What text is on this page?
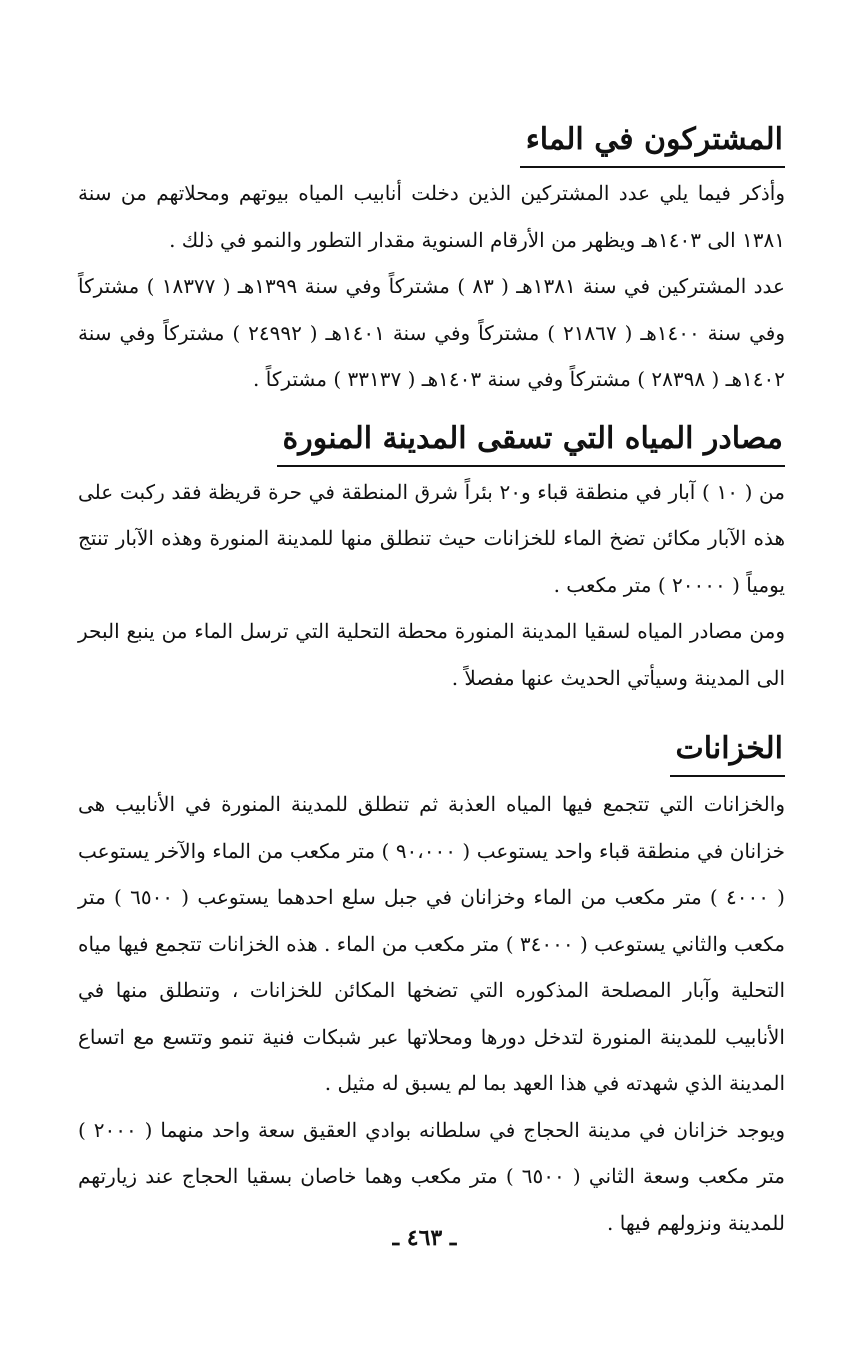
المشتركون في الماء

وأذكر فيما يلي عدد المشتركين الذين دخلت أنابيب المياه بيوتهم ومحلاتهم من سنة ١٣٨١ الى ١٤٠٣هـ ويظهر من الأرقام السنوية مقدار التطور والنمو في ذلك .

عدد المشتركين في سنة ١٣٨١هـ ( ٨٣ ) مشتركاً وفي سنة ١٣٩٩هـ ( ١٨٣٧٧ ) مشتركاً وفي سنة ١٤٠٠هـ ( ٢١٨٦٧ ) مشتركاً وفي سنة ١٤٠١هـ ( ٢٤٩٩٢ ) مشتركاً وفي سنة ١٤٠٢هـ ( ٢٨٣٩٨ ) مشتركاً وفي سنة ١٤٠٣هـ ( ٣٣١٣٧ ) مشتركاً .

مصادر المياه التي تسقى المدينة المنورة

من ( ١٠ ) آبار في منطقة قباء و٢٠ بئراً شرق المنطقة في حرة قريظة فقد ركبت على هذه الآبار مكائن تضخ الماء للخزانات حيث تنطلق منها للمدينة المنورة وهذه الآبار تنتج يومياً ( ٢٠٠٠٠ ) متر مكعب .

ومن مصادر المياه لسقيا المدينة المنورة محطة التحلية التي ترسل الماء من ينبع البحر الى المدينة وسيأتي الحديث عنها مفصلاً .

الخزانات

والخزانات التي تتجمع فيها المياه العذبة ثم تنطلق للمدينة المنورة في الأنابيب هى خزانان في منطقة قباء واحد يستوعب ( ٩٠،٠٠٠ ) متر مكعب من الماء والآخر يستوعب ( ٤٠٠٠ ) متر مكعب من الماء وخزانان في جبل سلع احدهما يستوعب ( ٦٥٠٠ ) متر مكعب والثاني يستوعب ( ٣٤٠٠٠ ) متر مكعب من الماء . هذه الخزانات تتجمع فيها مياه التحلية وآبار المصلحة المذكوره التي تضخها المكائن للخزانات ، وتنطلق منها في الأنابيب للمدينة المنورة لتدخل دورها ومحلاتها عبر شبكات فنية تنمو وتتسع مع اتساع المدينة الذي شهدته في هذا العهد بما لم يسبق له مثيل .

ويوجد خزانان في مدينة الحجاج في سلطانه بوادي العقيق سعة واحد منهما ( ٢٠٠٠ ) متر مكعب وسعة الثاني ( ٦٥٠٠ ) متر مكعب وهما خاصان بسقيا الحجاج عند زيارتهم للمدينة ونزولهم فيها .

ـ ٤٦٣ ـ
